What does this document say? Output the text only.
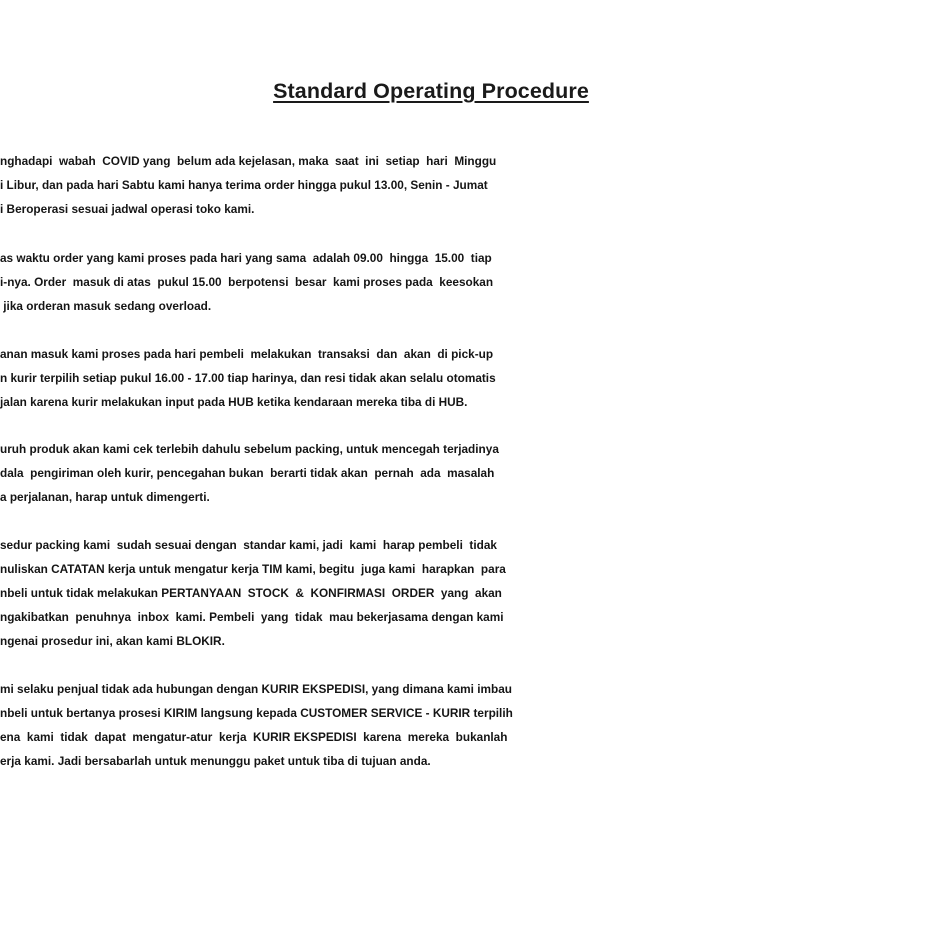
Standard Operating Procedure
nghadapi  wabah  COVID yang  belum ada kejelasan, maka  saat  ini  setiap  hari  Minggu
i Libur, dan pada hari Sabtu kami hanya terima order hingga pukul 13.00, Senin - Jumat
i Beroperasi sesuai jadwal operasi toko kami.
as waktu order yang kami proses pada hari yang sama  adalah 09.00  hingga  15.00  tiap
i-nya. Order  masuk di atas  pukul 15.00  berpotensi  besar  kami proses pada  keesokan
jika orderan masuk sedang overload.
anan masuk kami proses pada hari pembeli  melakukan  transaksi  dan  akan  di pick-up
n kurir terpilih setiap pukul 16.00 - 17.00 tiap harinya, dan resi tidak akan selalu otomatis
jalan karena kurir melakukan input pada HUB ketika kendaraan mereka tiba di HUB.
uruh produk akan kami cek terlebih dahulu sebelum packing, untuk mencegah terjadinya
dala  pengiriman oleh kurir, pencegahan bukan  berarti tidak akan  pernah  ada  masalah
a perjalanan, harap untuk dimengerti.
sedur packing kami  sudah sesuai dengan  standar kami, jadi  kami  harap pembeli  tidak
nuliskan CATATAN kerja untuk mengatur kerja TIM kami, begitu  juga kami  harapkan  para
nbeli untuk tidak melakukan PERTANYAAN  STOCK  &  KONFIRMASI  ORDER  yang  akan
ngakibatkan  penuhnya  inbox  kami. Pembeli  yang  tidak  mau bekerjasama dengan kami
ngenai prosedur ini, akan kami BLOKIR.
mi selaku penjual tidak ada hubungan dengan KURIR EKSPEDISI, yang dimana kami imbau
nbeli untuk bertanya prosesi KIRIM langsung kepada CUSTOMER SERVICE - KURIR terpilih
ena  kami  tidak  dapat  mengatur-atur  kerja  KURIR EKSPEDISI  karena  mereka  bukanlah
erja kami. Jadi bersabarlah untuk menunggu paket untuk tiba di tujuan anda.
